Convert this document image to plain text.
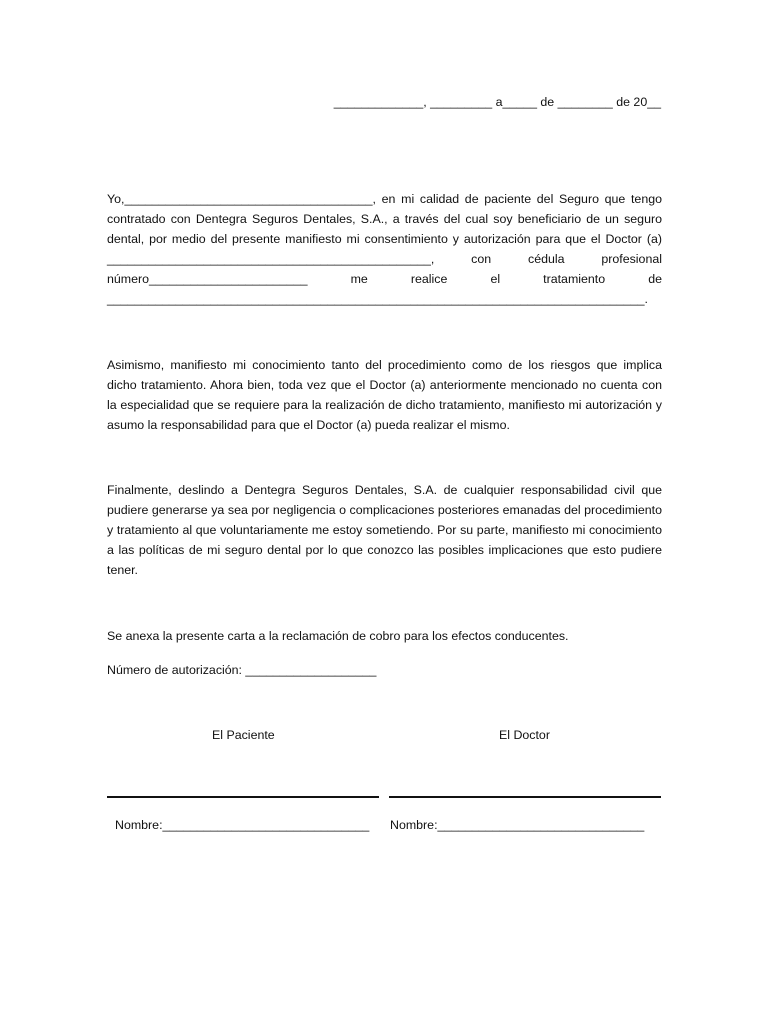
_____________, _________ a_____ de ________ de 20__
Yo,____________________________________, en mi calidad de paciente del Seguro que tengo
contratado con Dentegra Seguros Dentales, S.A., a través del cual soy beneficiario de un seguro
dental, por medio del presente manifiesto mi consentimiento y autorización para que el Doctor (a)
_______________________________________________,	con	cédula	profesional
número_______________________	me	realice	el	tratamiento	de
______________________________________________________________________________.

Asimismo, manifiesto mi conocimiento tanto del procedimiento como de los riesgos que implica dicho tratamiento. Ahora bien, toda vez que el Doctor (a) anteriormente mencionado no cuenta con la especialidad que se requiere para la realización de dicho tratamiento, manifiesto mi autorización y asumo la responsabilidad para que el Doctor (a) pueda realizar el mismo.

Finalmente, deslindo a Dentegra Seguros Dentales, S.A. de cualquier responsabilidad civil que pudiere generarse ya sea por negligencia o complicaciones posteriores emanadas del procedimiento y tratamiento al que voluntariamente me estoy sometiendo. Por su parte, manifiesto mi conocimiento a las políticas de mi seguro dental por lo que conozco las posibles implicaciones que esto pudiere tener.

Se anexa la presente carta a la reclamación de cobro para los efectos conducentes.

Número de autorización: ___________________

El Paciente	El Doctor
Nombre:______________________________ Nombre:______________________________
